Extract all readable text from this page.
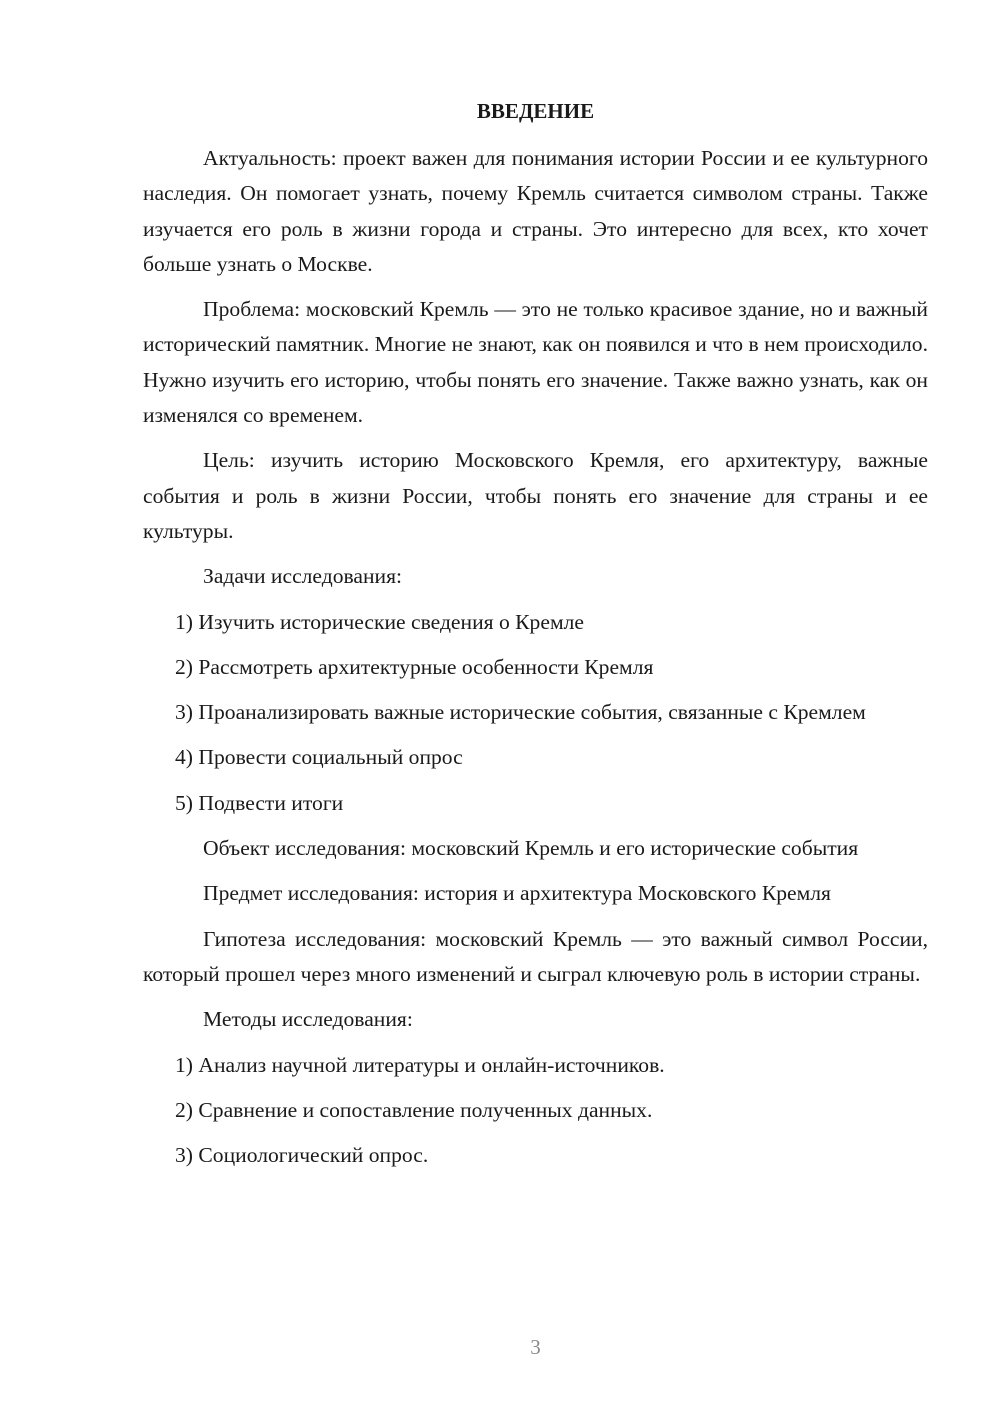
ВВЕДЕНИЕ

Актуальность: проект важен для понимания истории России и ее культурного наследия. Он помогает узнать, почему Кремль считается символом страны. Также изучается его роль в жизни города и страны. Это интересно для всех, кто хочет больше узнать о Москве.

Проблема: московский Кремль — это не только красивое здание, но и важный исторический памятник. Многие не знают, как он появился и что в нем происходило. Нужно изучить его историю, чтобы понять его значение. Также важно узнать, как он изменялся со временем.

Цель: изучить историю Московского Кремля, его архитектуру, важные события и роль в жизни России, чтобы понять его значение для страны и ее культуры.

Задачи исследования:

1) Изучить исторические сведения о Кремле

2) Рассмотреть архитектурные особенности Кремля

3) Проанализировать важные исторические события, связанные с Кремлем

4) Провести социальный опрос

5) Подвести итоги

Объект исследования: московский Кремль и его исторические события

Предмет исследования: история и архитектура Московского Кремля

Гипотеза исследования: московский Кремль — это важный символ России, который прошел через много изменений и сыграл ключевую роль в истории страны.

Методы исследования:

1) Анализ научной литературы и онлайн-источников.

2) Сравнение и сопоставление полученных данных.

3) Социологический опрос.

3
